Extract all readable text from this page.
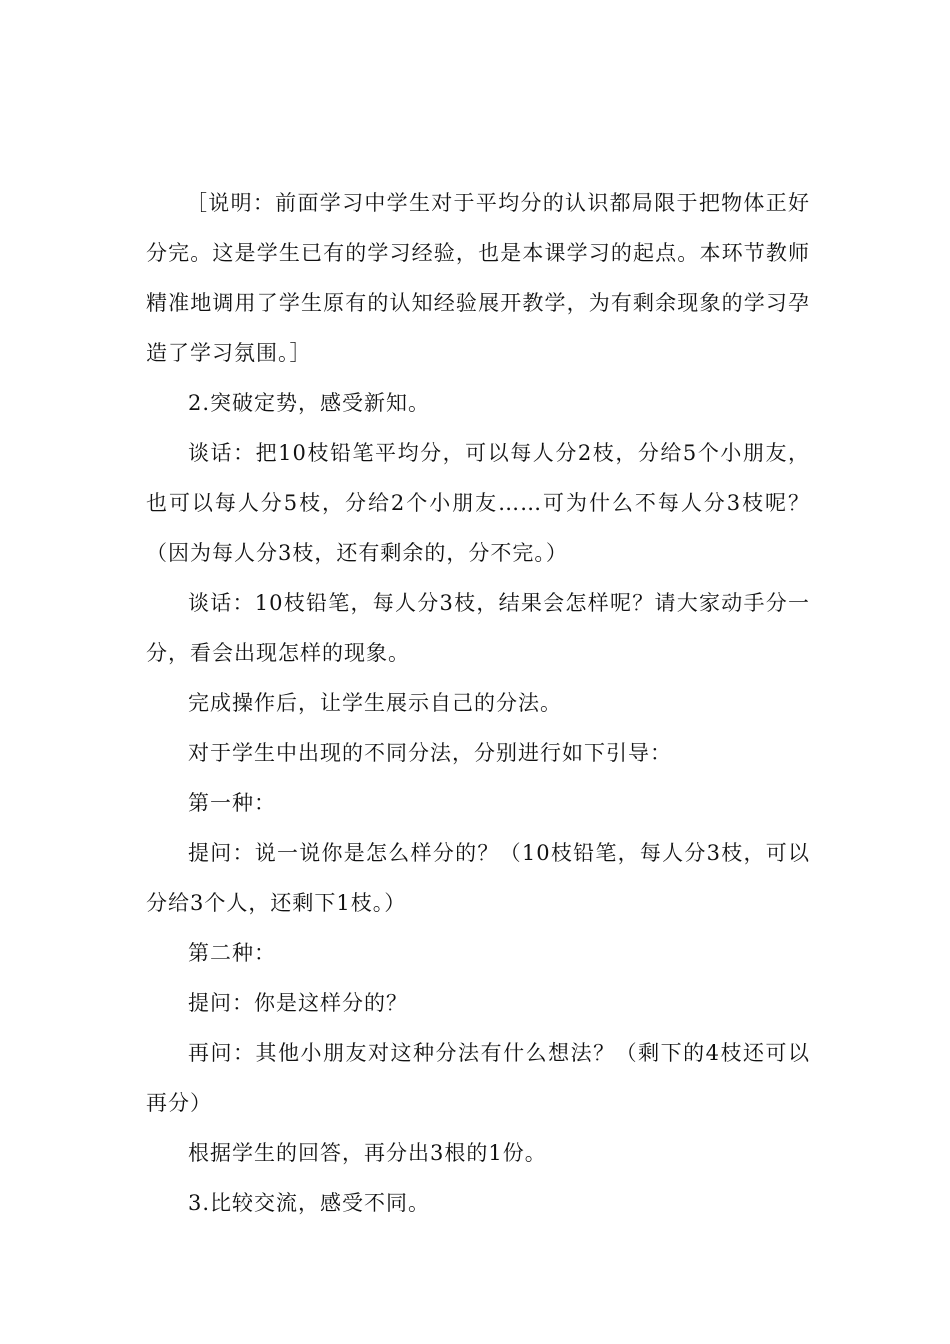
［说明：前面学习中学生对于平均分的认识都局限于把物体正好分完。这是学生已有的学习经验，也是本课学习的起点。本环节教师精准地调用了学生原有的认知经验展开教学，为有剩余现象的学习孕造了学习氛围。］

2.突破定势，感受新知。

谈话：把10枝铅笔平均分，可以每人分2枝，分给5个小朋友，也可以每人分5枝，分给2个小朋友……可为什么不每人分3枝呢？（因为每人分3枝，还有剩余的，分不完。）

谈话：10枝铅笔，每人分3枝，结果会怎样呢？请大家动手分一分，看会出现怎样的现象。

完成操作后，让学生展示自己的分法。

对于学生中出现的不同分法，分别进行如下引导：

第一种：

提问：说一说你是怎么样分的？（10枝铅笔，每人分3枝，可以分给3个人，还剩下1枝。）

第二种：

提问：你是这样分的？

再问：其他小朋友对这种分法有什么想法？（剩下的4枝还可以再分）

根据学生的回答，再分出3根的1份。

3.比较交流，感受不同。
